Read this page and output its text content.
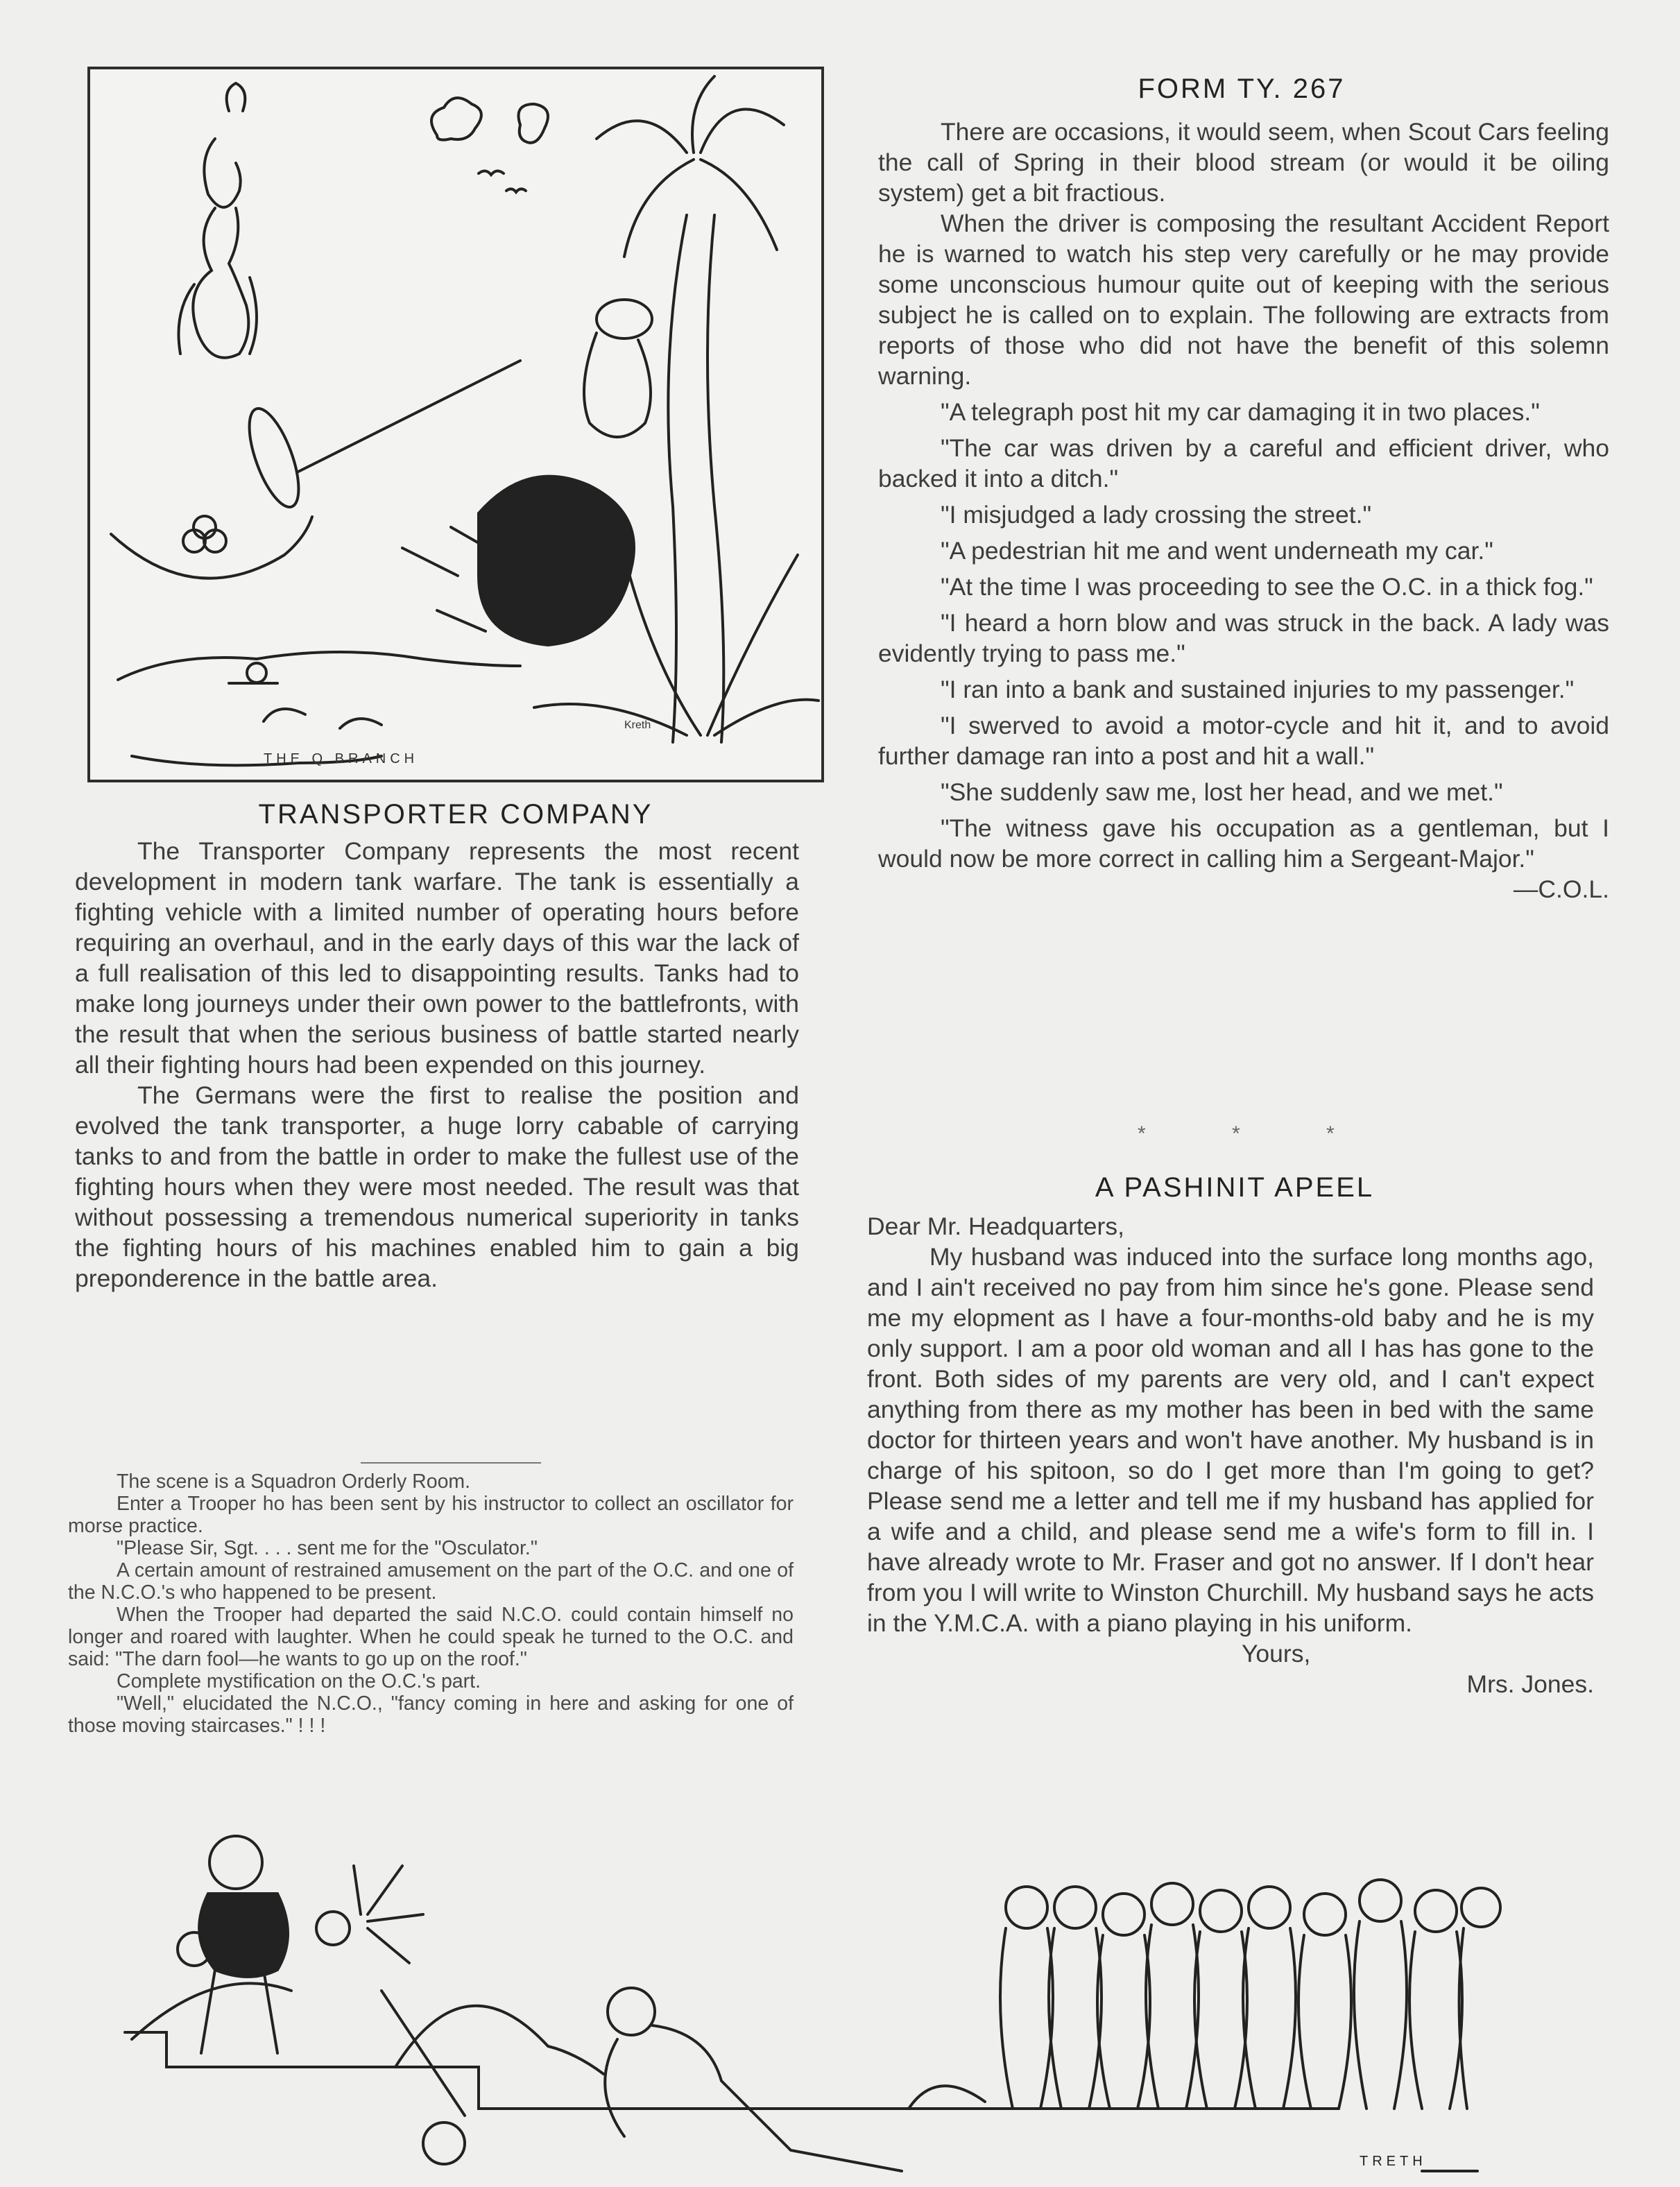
THE Q BRANCH
Kreth
TRANSPORTER COMPANY

The Transporter Company represents the most recent development in modern tank warfare. The tank is essentially a fighting vehicle with a limited number of operating hours before requiring an overhaul, and in the early days of this war the lack of a full realisation of this led to disappointing results. Tanks had to make long journeys under their own power to the battlefronts, with the result that when the serious business of battle started nearly all their fighting hours had been expended on this journey.

The Germans were the first to realise the position and evolved the tank transporter, a huge lorry cabable of carrying tanks to and from the battle in order to make the fullest use of the fighting hours when they were most needed. The result was that without possessing a tremendous numerical superiority in tanks the fighting hours of his machines enabled him to gain a big preponderence in the battle area.

The scene is a Squadron Orderly Room.

Enter a Trooper ho has been sent by his instructor to collect an oscillator for morse practice.

"Please Sir, Sgt. . . . sent me for the "Osculator."

A certain amount of restrained amusement on the part of the O.C. and one of the N.C.O.'s who happened to be present.

When the Trooper had departed the said N.C.O. could contain himself no longer and roared with laughter. When he could speak he turned to the O.C. and said: "The darn fool—he wants to go up on the roof."

Complete mystification on the O.C.'s part.

"Well," elucidated the N.C.O., "fancy coming in here and asking for one of those moving staircases." ! ! !

FORM TY. 267

There are occasions, it would seem, when Scout Cars feeling the call of Spring in their blood stream (or would it be oiling system) get a bit fractious.

When the driver is composing the resultant Accident Report he is warned to watch his step very carefully or he may provide some unconscious humour quite out of keeping with the serious subject he is called on to explain. The following are extracts from reports of those who did not have the benefit of this solemn warning.

"A telegraph post hit my car damaging it in two places."

"The car was driven by a careful and efficient driver, who backed it into a ditch."

"I misjudged a lady crossing the street."

"A pedestrian hit me and went underneath my car."

"At the time I was proceeding to see the O.C. in a thick fog."

"I heard a horn blow and was struck in the back. A lady was evidently trying to pass me."

"I ran into a bank and sustained injuries to my passenger."

"I swerved to avoid a motor-cycle and hit it, and to avoid further damage ran into a post and hit a wall."

"She suddenly saw me, lost her head, and we met."

"The witness gave his occupation as a gentleman, but I would now be more correct in calling him a Sergeant-Major."

—C.O.L.

* * *
A PASHINIT APEEL

Dear Mr. Headquarters,

My husband was induced into the surface long months ago, and I ain't received no pay from him since he's gone. Please send me my elopment as I have a four-months-old baby and he is my only support. I am a poor old woman and all I has has gone to the front. Both sides of my parents are very old, and I can't expect anything from there as my mother has been in bed with the same doctor for thirteen years and won't have another. My husband is in charge of his spitoon, so do I get more than I'm going to get? Please send me a letter and tell me if my husband has applied for a wife and a child, and please send me a wife's form to fill in. I have already wrote to Mr. Fraser and got no answer. If I don't hear from you I will write to Winston Churchill. My husband says he acts in the Y.M.C.A. with a piano playing in his uniform.

Yours,

Mrs. Jones.

TRETH
